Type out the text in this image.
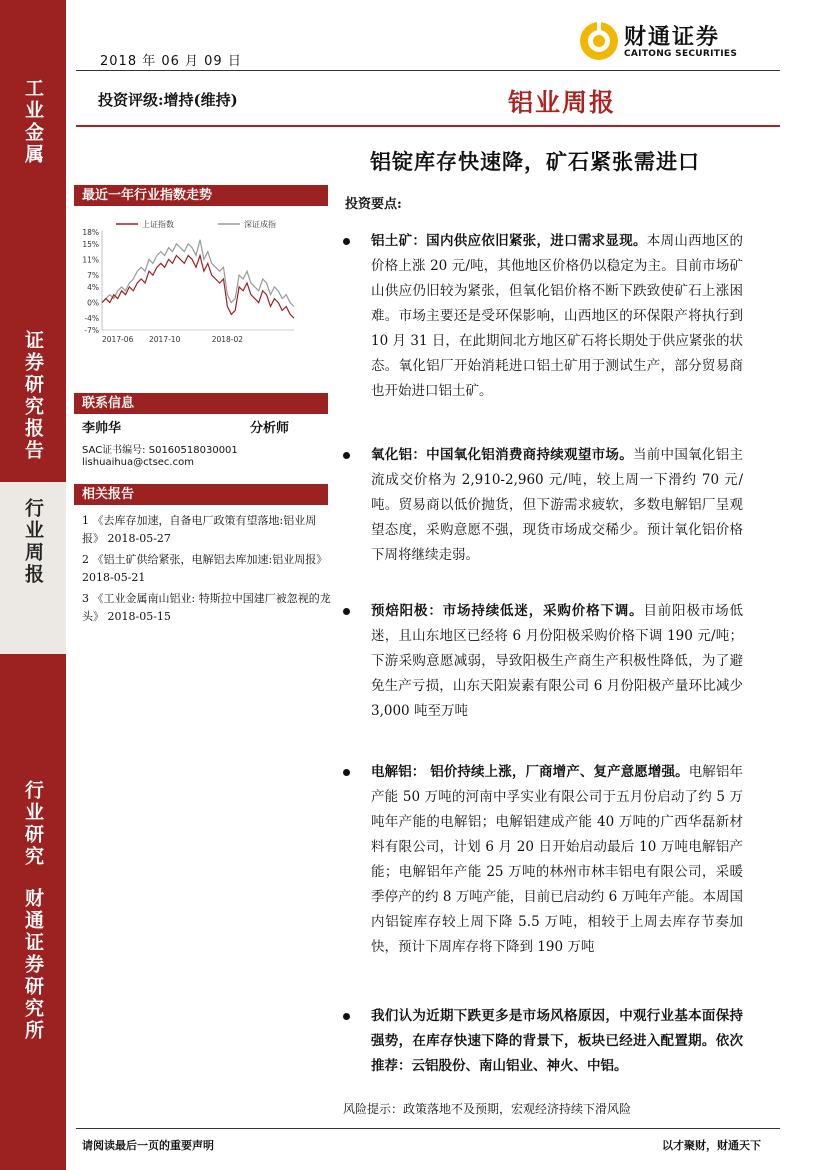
工业金属
证券研究报告
行业周报
行业研究
财通证券研究所
2018 年 06 月 09 日
财通证券
CAITONG SECURITIES
投资评级:增持(维持)	铝业周报
铝锭库存快速降，矿石紧张需进口
最近一年行业指数走势
上证指数	深证成指
18%
15%
11%
7%
4%
0%
-4%
-7%
2017-06 2017-10	2018-02
联系信息
李帅华	分析师
SAC证书编号: S0160518030001
lishuaihua@ctsec.com
相关报告

1 《去库存加速，自备电厂政策有望落地:铝业周报》 2018-05-27

2 《铝土矿供给紧张，电解铝去库加速:铝业周报》 2018-05-21

3 《工业金属南山铝业: 特斯拉中国建厂被忽视的龙头》 2018-05-15

投资要点:
铝土矿：国内供应依旧紧张，进口需求显现。本周山西地区的价格上涨 20 元/吨，其他地区价格仍以稳定为主。目前市场矿山供应仍旧较为紧张，但氧化铝价格不断下跌致使矿石上涨困难。市场主要还是受环保影响，山西地区的环保限产将执行到 10 月 31 日，在此期间北方地区矿石将长期处于供应紧张的状态。氧化铝厂开始消耗进口铝土矿用于测试生产，部分贸易商也开始进口铝土矿。
氧化铝：中国氧化铝消费商持续观望市场。当前中国氧化铝主流成交价格为 2,910-2,960 元/吨，较上周一下滑约 70 元/吨。贸易商以低价抛货，但下游需求疲软，多数电解铝厂呈观望态度，采购意愿不强，现货市场成交稀少。预计氧化铝价格下周将继续走弱。
预焙阳极：市场持续低迷，采购价格下调。目前阳极市场低迷，且山东地区已经将 6 月份阳极采购价格下调 190 元/吨；下游采购意愿减弱，导致阳极生产商生产积极性降低，为了避免生产亏损，山东天阳炭素有限公司 6 月份阳极产量环比减少 3,000 吨至万吨
电解铝： 铝价持续上涨，厂商增产、复产意愿增强。电解铝年产能 50 万吨的河南中孚实业有限公司于五月份启动了约 5 万吨年产能的电解铝；电解铝建成产能 40 万吨的广西华磊新材料有限公司，计划 6 月 20 日开始启动最后 10 万吨电解铝产能；电解铝年产能 25 万吨的林州市林丰铝电有限公司，采暖季停产的约 8 万吨产能，目前已启动约 6 万吨年产能。本周国内铝锭库存较上周下降 5.5 万吨，相较于上周去库存节奏加快，预计下周库存将下降到 190 万吨
我们认为近期下跌更多是市场风格原因，中观行业基本面保持强势，在库存快速下降的背景下，板块已经进入配置期。依次推荐：云铝股份、南山铝业、神火、中铝。
风险提示：政策落地不及预期，宏观经济持续下滑风险
请阅读最后一页的重要声明	以才聚财，财通天下
